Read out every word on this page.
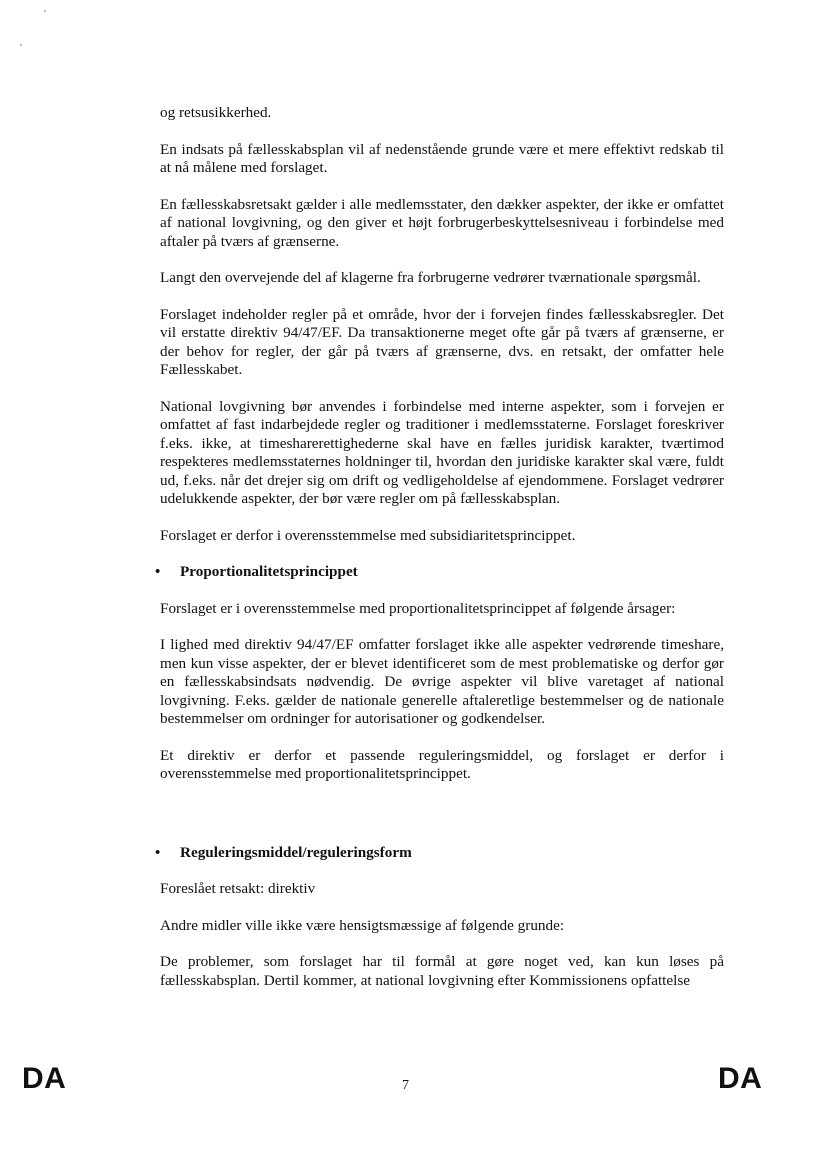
og retsusikkerhed.

En indsats på fællesskabsplan vil af nedenstående grunde være et mere effektivt redskab til at nå målene med forslaget.

En fællesskabsretsakt gælder i alle medlemsstater, den dækker aspekter, der ikke er omfattet af national lovgivning, og den giver et højt forbrugerbeskyttelsesniveau i forbindelse med aftaler på tværs af grænserne.

Langt den overvejende del af klagerne fra forbrugerne vedrører tværnationale spørgsmål.

Forslaget indeholder regler på et område, hvor der i forvejen findes fællesskabsregler. Det vil erstatte direktiv 94/47/EF. Da transaktionerne meget ofte går på tværs af grænserne, er der behov for regler, der går på tværs af grænserne, dvs. en retsakt, der omfatter hele Fællesskabet.

National lovgivning bør anvendes i forbindelse med interne aspekter, som i forvejen er omfattet af fast indarbejdede regler og traditioner i medlemsstaterne. Forslaget foreskriver f.eks. ikke, at timesharerettighederne skal have en fælles juridisk karakter, tværtimod respekteres medlemsstaternes holdninger til, hvordan den juridiske karakter skal være, fuldt ud, f.eks. når det drejer sig om drift og vedligeholdelse af ejendommene. Forslaget vedrører udelukkende aspekter, der bør være regler om på fællesskabsplan.

Forslaget er derfor i overensstemmelse med subsidiaritetsprincippet.

•	Proportionalitetsprincippet

Forslaget er i overensstemmelse med proportionalitetsprincippet af følgende årsager:

I lighed med direktiv 94/47/EF omfatter forslaget ikke alle aspekter vedrørende timeshare, men kun visse aspekter, der er blevet identificeret som de mest problematiske og derfor gør en fællesskabsindsats nødvendig. De øvrige aspekter vil blive varetaget af national lovgivning. F.eks. gælder de nationale generelle aftaleretlige bestemmelser og de nationale bestemmelser om ordninger for autorisationer og godkendelser.

Et direktiv er derfor et passende reguleringsmiddel, og forslaget er derfor i overensstemmelse med proportionalitetsprincippet.

•	Reguleringsmiddel/reguleringsform

Foreslået retsakt: direktiv

Andre midler ville ikke være hensigtsmæssige af følgende grunde:

De problemer, som forslaget har til formål at gøre noget ved, kan kun løses på fællesskabsplan. Dertil kommer, at national lovgivning efter Kommissionens opfattelse

DA	7	DA
